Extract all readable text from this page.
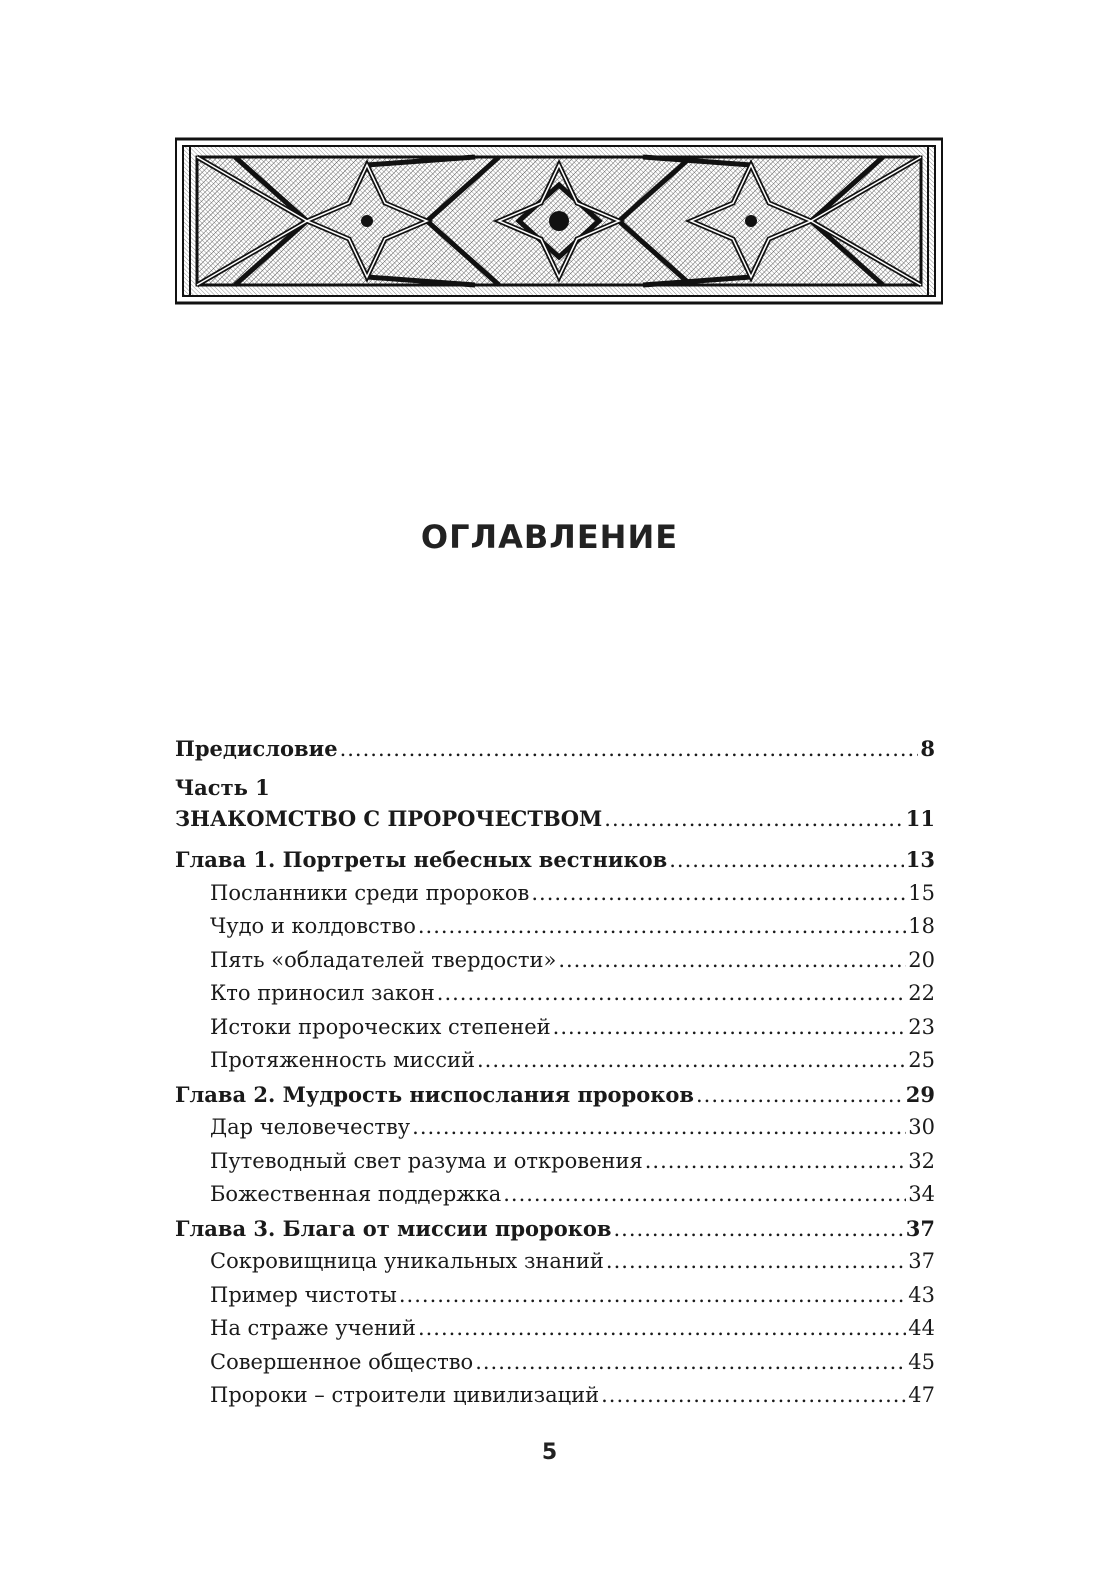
ОГЛАВЛЕНИЕ
Предисловие .....	8
Часть 1
ЗНАКОМСТВО С ПРОРОЧЕСТВОМ .....	11
Глава 1. Портреты небесных вестников .....	13
Посланники среди пророков .....	15
Чудо и колдовство .....	18
Пять «обладателей твердости» .....	20
Кто приносил закон .....	22
Истоки пророческих степеней .....	23
Протяженность миссий .....	25
Глава 2. Мудрость ниспослания пророков .....	29
Дар человечеству .....	30
Путеводный свет разума и откровения .....	32
Божественная поддержка .....	34
Глава 3. Блага от миссии пророков .....	37
Сокровищница уникальных знаний .....	37
Пример чистоты .....	43
На страже учений .....	44
Совершенное общество .....	45
Пророки – строители цивилизаций .....	47
5
